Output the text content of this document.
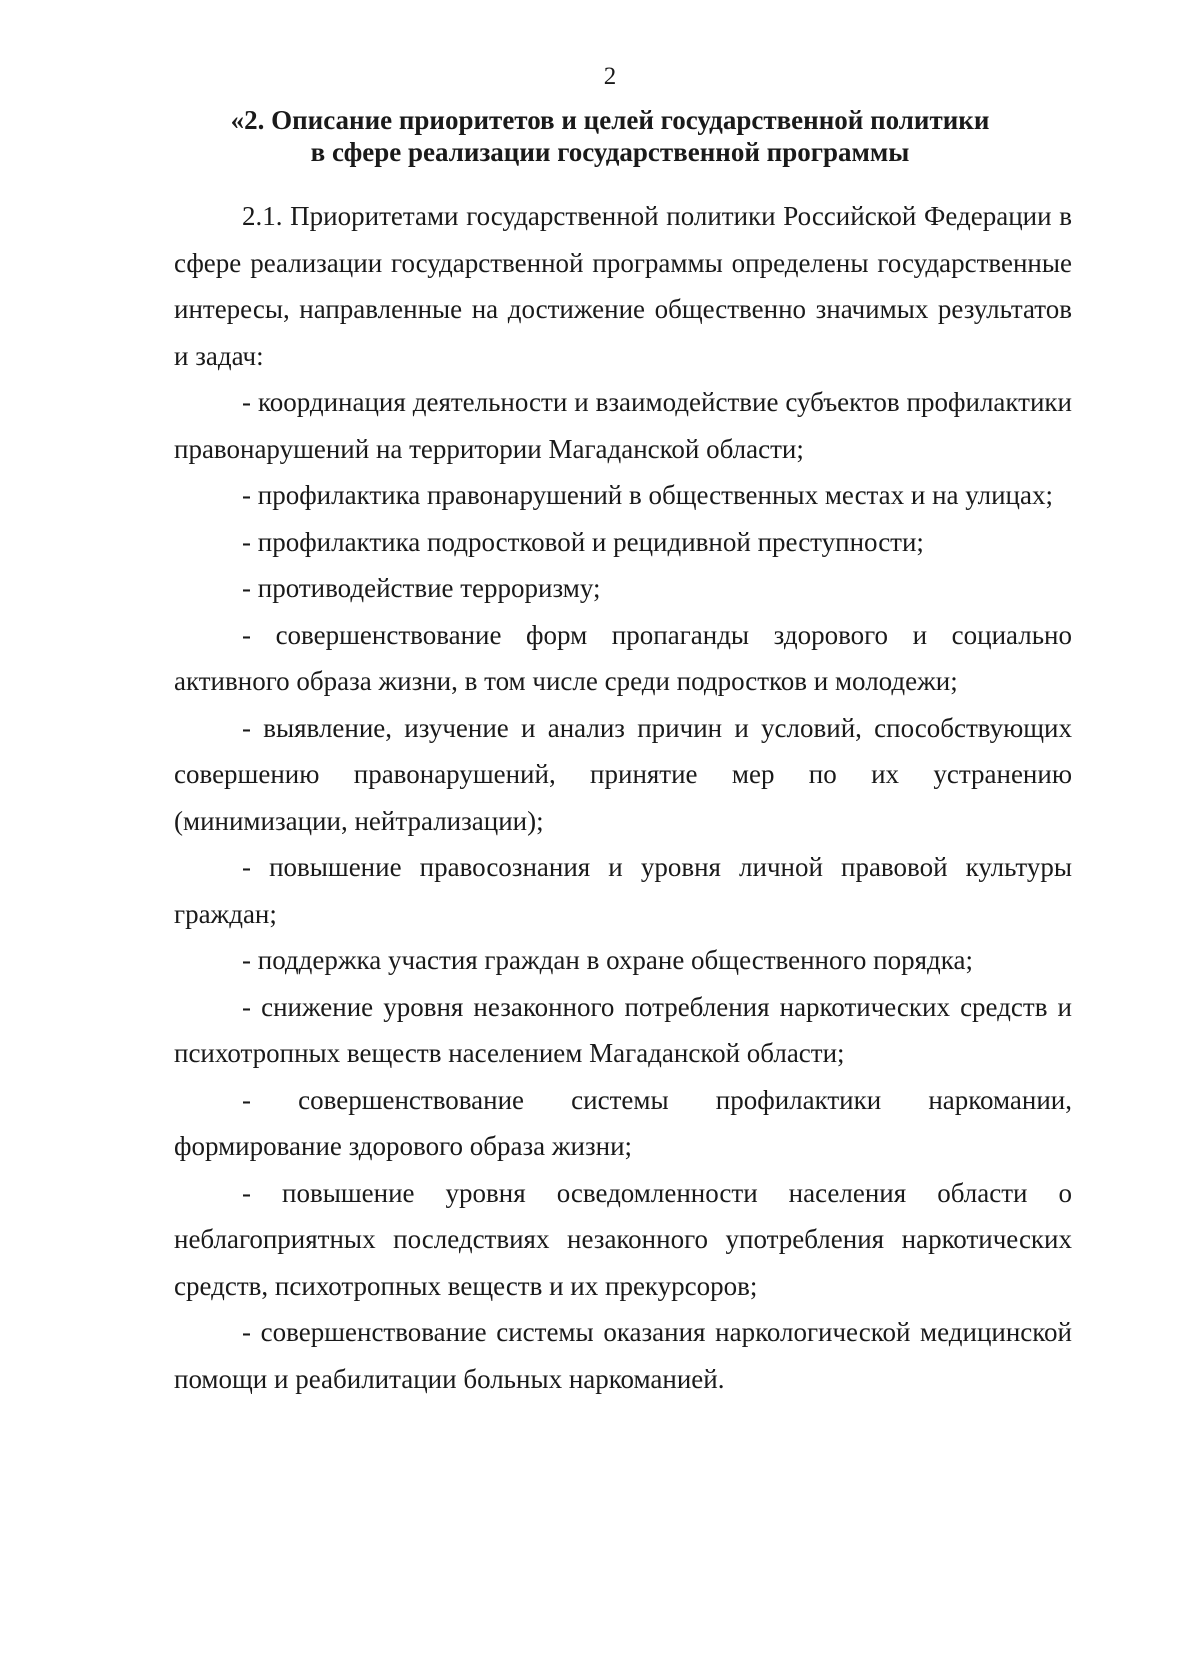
2
«2. Описание приоритетов и целей государственной политики
в сфере реализации государственной программы

2.1. Приоритетами государственной политики Российской Федерации в сфере реализации государственной программы определены государственные интересы, направленные на достижение общественно значимых результатов и задач:

- координация деятельности и взаимодействие субъектов профилактики правонарушений на территории Магаданской области;

- профилактика правонарушений в общественных местах и на улицах;

- профилактика подростковой и рецидивной преступности;

- противодействие терроризму;

- совершенствование форм пропаганды здорового и социально активного образа жизни, в том числе среди подростков и молодежи;

- выявление, изучение и анализ причин и условий, способствующих совершению правонарушений, принятие мер по их устранению (минимизации, нейтрализации);

- повышение правосознания и уровня личной правовой культуры граждан;

- поддержка участия граждан в охране общественного порядка;

- снижение уровня незаконного потребления наркотических средств и психотропных веществ населением Магаданской области;

- совершенствование системы профилактики наркомании, формирование здорового образа жизни;

- повышение уровня осведомленности населения области о неблагоприятных последствиях незаконного употребления наркотических средств, психотропных веществ и их прекурсоров;

- совершенствование системы оказания наркологической медицинской помощи и реабилитации больных наркоманией.
